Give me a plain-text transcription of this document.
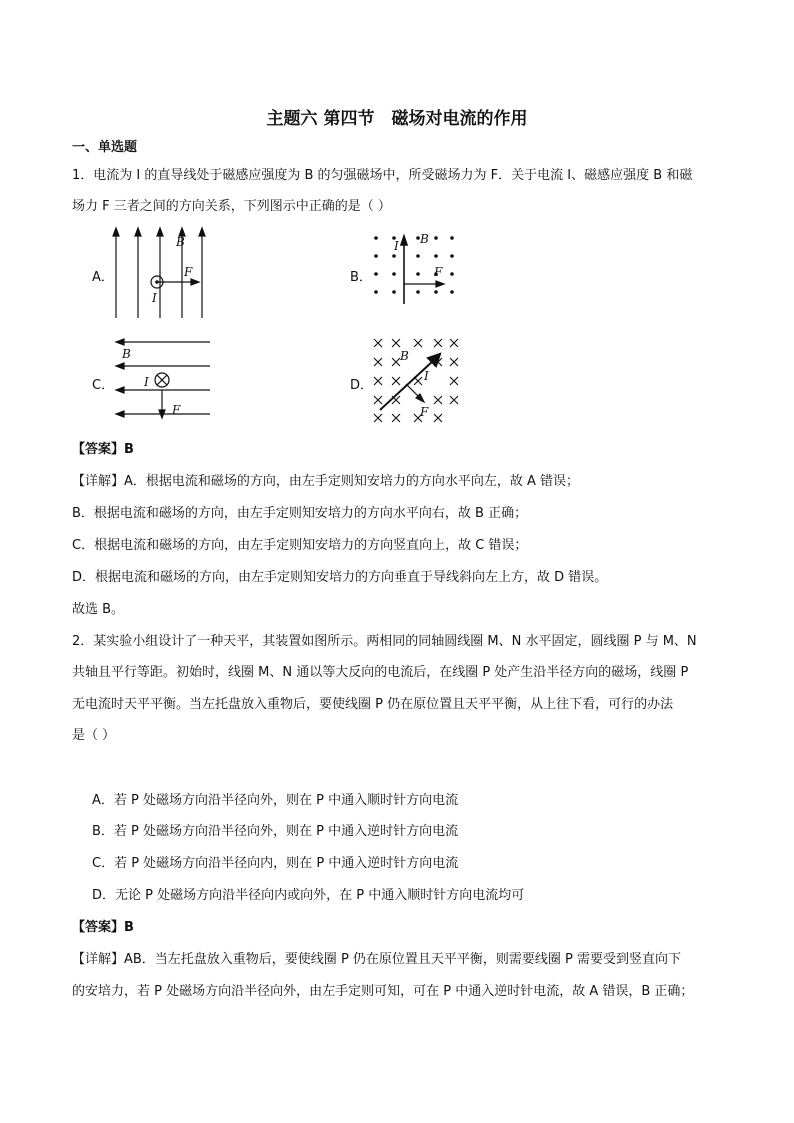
主题六 第四节　磁场对电流的作用
一、单选题
1．电流为 I 的直导线处于磁感应强度为 B 的匀强磁场中，所受磁场力为 F．关于电流 I、磁感应强度 B 和磁
场力 F 三者之间的方向关系，下列图示中正确的是（ ）
A．
B
I
F	B．
I B
F
C．
B
I
F
D．
B
I
F
【答案】B
【详解】A．根据电流和磁场的方向，由左手定则知安培力的方向水平向左，故 A 错误；
B．根据电流和磁场的方向，由左手定则知安培力的方向水平向右，故 B 正确；
C．根据电流和磁场的方向，由左手定则知安培力的方向竖直向上，故 C 错误；
D．根据电流和磁场的方向，由左手定则知安培力的方向垂直于导线斜向左上方，故 D 错误。
故选 B。
2．某实验小组设计了一种天平，其装置如图所示。两相同的同轴圆线圈 M、N 水平固定，圆线圈 P 与 M、N
共轴且平行等距。初始时，线圈 M、N 通以等大反向的电流后，在线圈 P 处产生沿半径方向的磁场，线圈 P
无电流时天平平衡。当左托盘放入重物后，要使线圈 P 仍在原位置且天平平衡，从上往下看，可行的办法
是（ ）
A．若 P 处磁场方向沿半径向外，则在 P 中通入顺时针方向电流
B．若 P 处磁场方向沿半径向外，则在 P 中通入逆时针方向电流
C．若 P 处磁场方向沿半径向内，则在 P 中通入逆时针方向电流
D．无论 P 处磁场方向沿半径向内或向外，在 P 中通入顺时针方向电流均可
【答案】B
【详解】AB．当左托盘放入重物后，要使线圈 P 仍在原位置且天平平衡，则需要线圈 P 需要受到竖直向下
的安培力，若 P 处磁场方向沿半径向外，由左手定则可知，可在 P 中通入逆时针电流，故 A 错误，B 正确；
